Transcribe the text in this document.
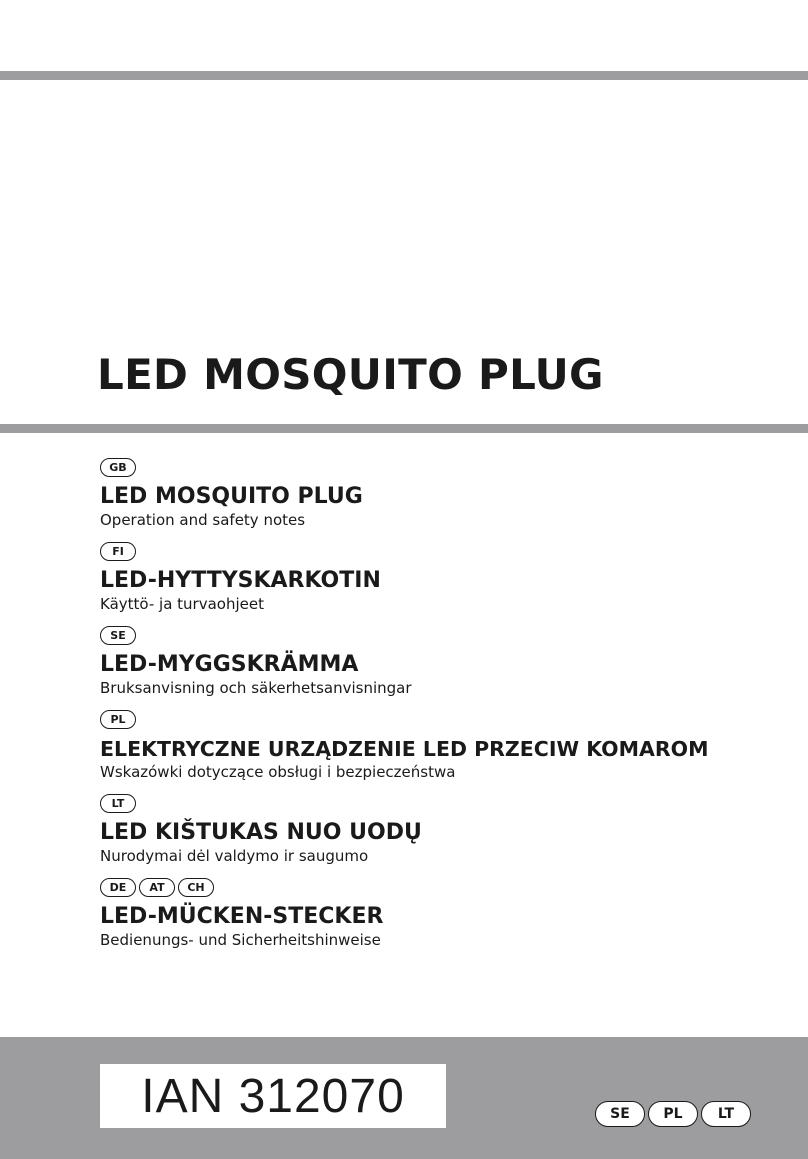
LED MOSQUITO PLUG
GB
LED MOSQUITO PLUG

Operation and safety notes

FI
LED-HYTTYSKARKOTIN

Käyttö- ja turvaohjeet

SE
LED-MYGGSKRÄMMA

Bruksanvisning och säkerhetsanvisningar

PL
ELEKTRYCZNE URZĄDZENIE LED PRZECIW KOMAROM

Wskazówki dotyczące obsługi i bezpieczeństwa

LT
LED KIŠTUKAS NUO UODŲ

Nurodymai dėl valdymo ir saugumo

DE	AT	CH
LED-MÜCKEN-STECKER

Bedienungs- und Sicherheitshinweise

IAN 312070	SE	PL	LT
